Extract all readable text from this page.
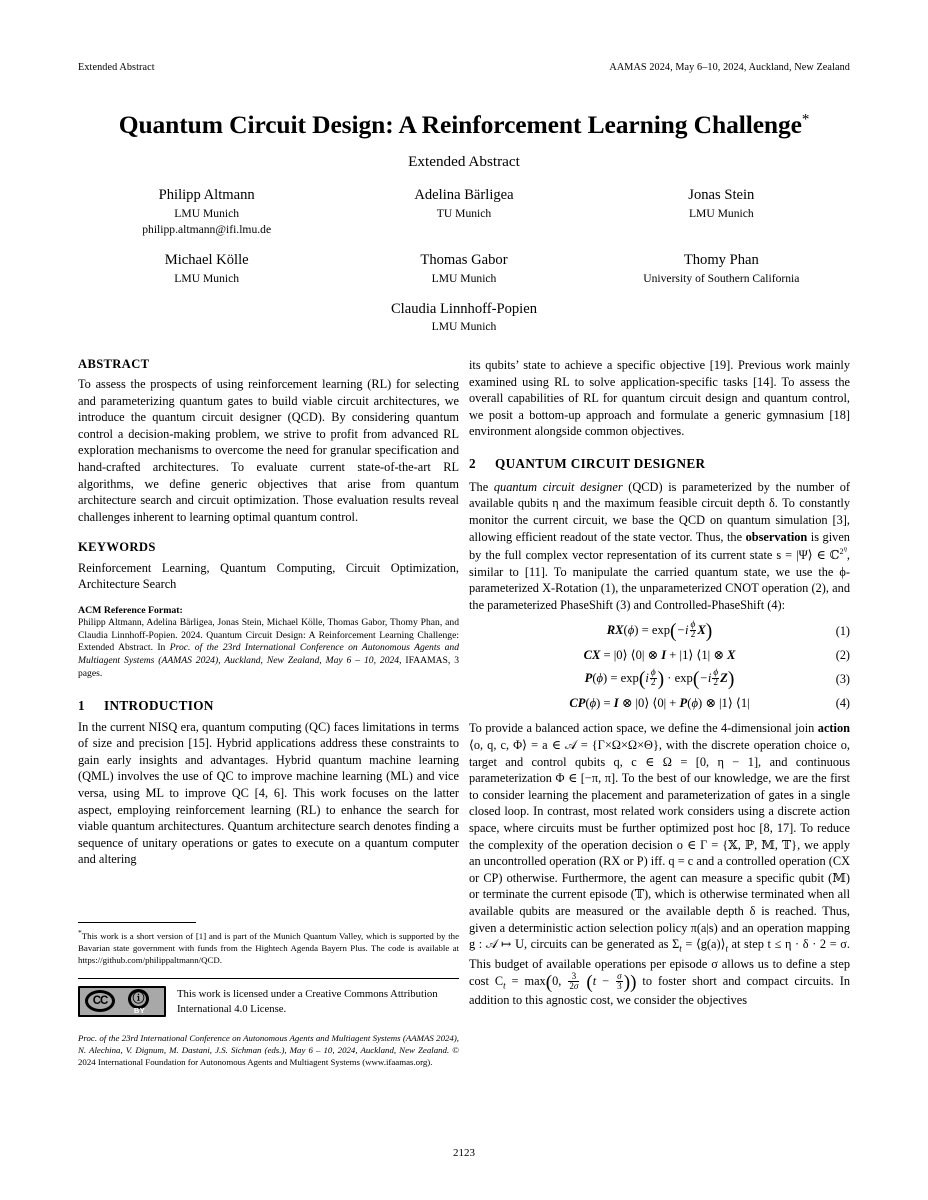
Extended Abstract	AAMAS 2024, May 6–10, 2024, Auckland, New Zealand
Quantum Circuit Design: A Reinforcement Learning Challenge*
Extended Abstract
Philipp Altmann
LMU Munich
philipp.altmann@ifi.lmu.de
Adelina Bärligea
TU Munich
Jonas Stein
LMU Munich
Michael Kölle
LMU Munich
Thomas Gabor
LMU Munich
Thomy Phan
University of Southern California
Claudia Linnhoff-Popien
LMU Munich
ABSTRACT

To assess the prospects of using reinforcement learning (RL) for selecting and parameterizing quantum gates to build viable circuit architectures, we introduce the quantum circuit designer (QCD). By considering quantum control a decision-making problem, we strive to profit from advanced RL exploration mechanisms to overcome the need for granular specification and hand-crafted architectures. To evaluate current state-of-the-art RL algorithms, we define generic objectives that arise from quantum architecture search and circuit optimization. Those evaluation results reveal challenges inherent to learning optimal quantum control.

KEYWORDS

Reinforcement Learning, Quantum Computing, Circuit Optimization, Architecture Search

ACM Reference Format:

Philipp Altmann, Adelina Bärligea, Jonas Stein, Michael Kölle, Thomas Gabor, Thomy Phan, and Claudia Linnhoff-Popien. 2024. Quantum Circuit Design: A Reinforcement Learning Challenge: Extended Abstract. In Proc. of the 23rd International Conference on Autonomous Agents and Multiagent Systems (AAMAS 2024), Auckland, New Zealand, May 6 – 10, 2024, IFAAMAS, 3 pages.

1 INTRODUCTION

In the current NISQ era, quantum computing (QC) faces limitations in terms of size and precision [15]. Hybrid applications address these constraints to gain early insights and advantages. Hybrid quantum machine learning (QML) involves the use of QC to improve machine learning (ML) and vice versa, using ML to improve QC [4, 6]. This work focuses on the latter aspect, employing reinforcement learning (RL) to enhance the search for viable quantum architectures. Quantum architecture search denotes finding a sequence of unitary operations or gates to execute on a quantum computer and altering

its qubits’ state to achieve a specific objective [19]. Previous work mainly examined using RL to solve application-specific tasks [14]. To assess the overall capabilities of RL for quantum circuit design and quantum control, we posit a bottom-up approach and formulate a generic gymnasium [18] environment alongside common objectives.

2 QUANTUM CIRCUIT DESIGNER

The quantum circuit designer (QCD) is parameterized by the number of available qubits η and the maximum feasible circuit depth δ. To constantly monitor the current circuit, we base the QCD on quantum simulation [3], allowing efficient readout of the state vector. Thus, the observation is given by the full complex vector representation of its current state s = |Ψ⟩ ∈ ℂ$^{2^\eta}$, similar to [11]. To manipulate the carried quantum state, we use the ϕ-parameterized X-Rotation (1), the unparameterized CNOT operation (2), and the parameterized PhaseShift (3) and Controlled-PhaseShift (4):

$RX(\phi) = \exp(-i \frac{\phi}{2} X)$	(1)
CX = |0⟩ ⟨0| ⊗ I + |1⟩ ⟨1| ⊗ X	(2)
$P(\phi) = \exp(i \frac{\phi}{2}$ ) · $\exp(-i \frac{\phi}{2} Z)$	(3)
CP(ϕ) = I ⊗ |0⟩ ⟨0| + P(ϕ) ⊗ |1⟩ ⟨1|	(4)

To provide a balanced action space, we define the 4-dimensional join action ⟨o, q, c, Φ⟩ = a ∈ 𝒜 = {Γ×Ω×Ω×Θ}, with the discrete operation choice o, target and control qubits q, c ∈ Ω = [0, η − 1], and continuous parameterization Φ ∈ [−π, π]. To the best of our knowledge, we are the first to consider learning the placement and parameterization of gates in a single closed loop. In contrast, most related work considers using a discrete action space, where circuits must be further optimized post hoc [8, 17]. To reduce the complexity of the operation decision o ∈ Γ = {𝕏, ℙ, 𝕄, 𝕋}, we apply an uncontrolled operation (RX or P) iff. q = c and a controlled operation (CX or CP) otherwise. Furthermore, the agent can measure a specific qubit (𝕄) or terminate the current episode (𝕋), which is otherwise terminated when all available qubits are measured or the available depth δ is reached. Thus, given a deterministic action selection policy π(a|s) and an operation mapping g : 𝒜 ↦ U, circuits can be generated as $\Sigma_t$ = $⟨g(a)⟩_t$ at step t ≤ η · δ · 2 = σ. This budget of available operations per episode σ allows us to define a step cost $C_t = \max(0$, $\frac{3}{2\sigma} (t - \frac{\sigma}{3}$ )) to foster short and compact circuits. In addition to this agnostic cost, we consider the objectives

*This work is a short version of [1] and is part of the Munich Quantum Valley, which is supported by the Bavarian state government with funds from the Hightech Agenda Bayern Plus. The code is available at https://github.com/philippaltmann/QCD.

CC	ⓘ
BY
This work is licensed under a Creative Commons Attribution International 4.0 License.

Proc. of the 23rd International Conference on Autonomous Agents and Multiagent Systems (AAMAS 2024), N. Alechina, V. Dignum, M. Dastani, J.S. Sichman (eds.), May 6 – 10, 2024, Auckland, New Zealand. © 2024 International Foundation for Autonomous Agents and Multiagent Systems (www.ifaamas.org).

2123
